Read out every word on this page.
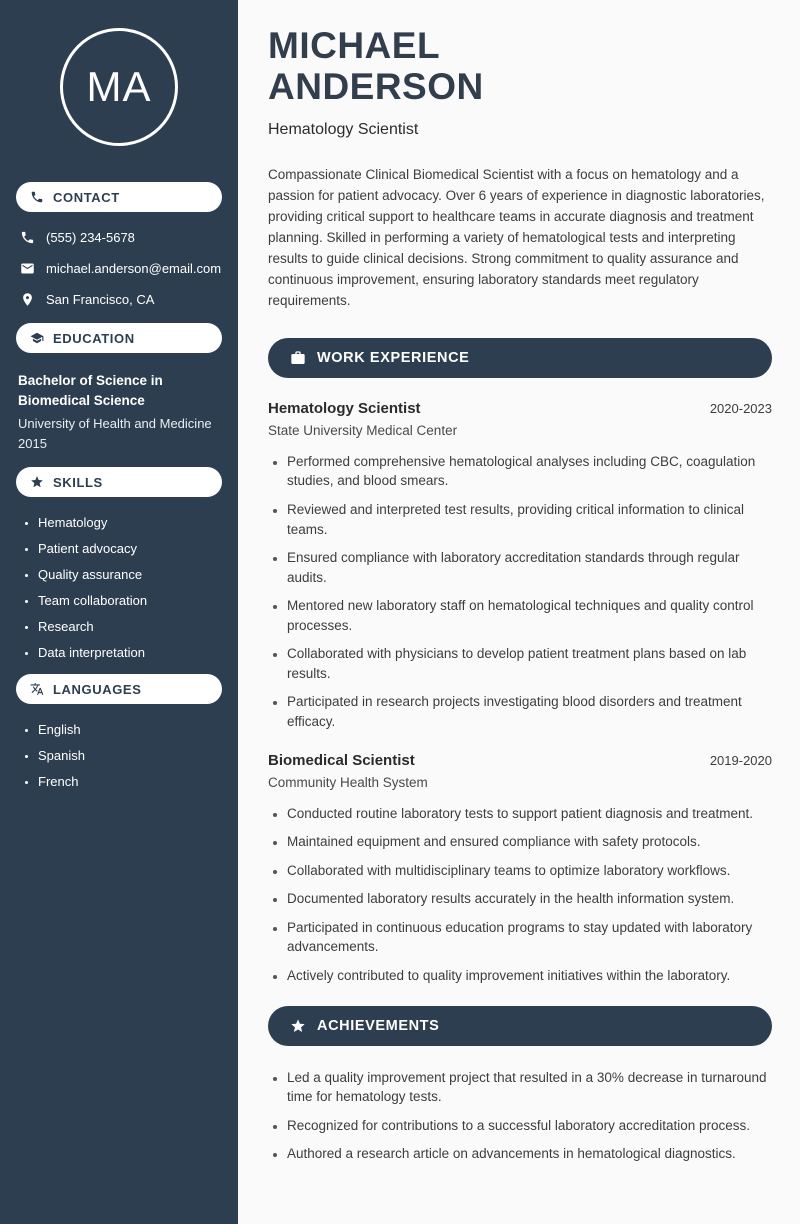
MA
CONTACT
(555) 234-5678
michael.anderson@email.com
San Francisco, CA
EDUCATION
Bachelor of Science in Biomedical Science
University of Health and Medicine
2015
SKILLS
• Hematology
• Patient advocacy
• Quality assurance
• Team collaboration
• Research
• Data interpretation
LANGUAGES
• English
• Spanish
• French
MICHAEL
ANDERSON
Hematology Scientist

Compassionate Clinical Biomedical Scientist with a focus on hematology and a passion for patient advocacy. Over 6 years of experience in diagnostic laboratories, providing critical support to healthcare teams in accurate diagnosis and treatment planning. Skilled in performing a variety of hematological tests and interpreting results to guide clinical decisions. Strong commitment to quality assurance and continuous improvement, ensuring laboratory standards meet regulatory requirements.

WORK EXPERIENCE
Hematology Scientist	2020-2023
State University Medical Center
• Performed comprehensive hematological analyses including CBC, coagulation studies, and blood smears.
• Reviewed and interpreted test results, providing critical information to clinical teams.
• Ensured compliance with laboratory accreditation standards through regular audits.
• Mentored new laboratory staff on hematological techniques and quality control processes.
• Collaborated with physicians to develop patient treatment plans based on lab results.
• Participated in research projects investigating blood disorders and treatment efficacy.
Biomedical Scientist	2019-2020
Community Health System
• Conducted routine laboratory tests to support patient diagnosis and treatment.
• Maintained equipment and ensured compliance with safety protocols.
• Collaborated with multidisciplinary teams to optimize laboratory workflows.
• Documented laboratory results accurately in the health information system.
• Participated in continuous education programs to stay updated with laboratory advancements.
• Actively contributed to quality improvement initiatives within the laboratory.
ACHIEVEMENTS
• Led a quality improvement project that resulted in a 30% decrease in turnaround time for hematology tests.
• Recognized for contributions to a successful laboratory accreditation process.
• Authored a research article on advancements in hematological diagnostics.
